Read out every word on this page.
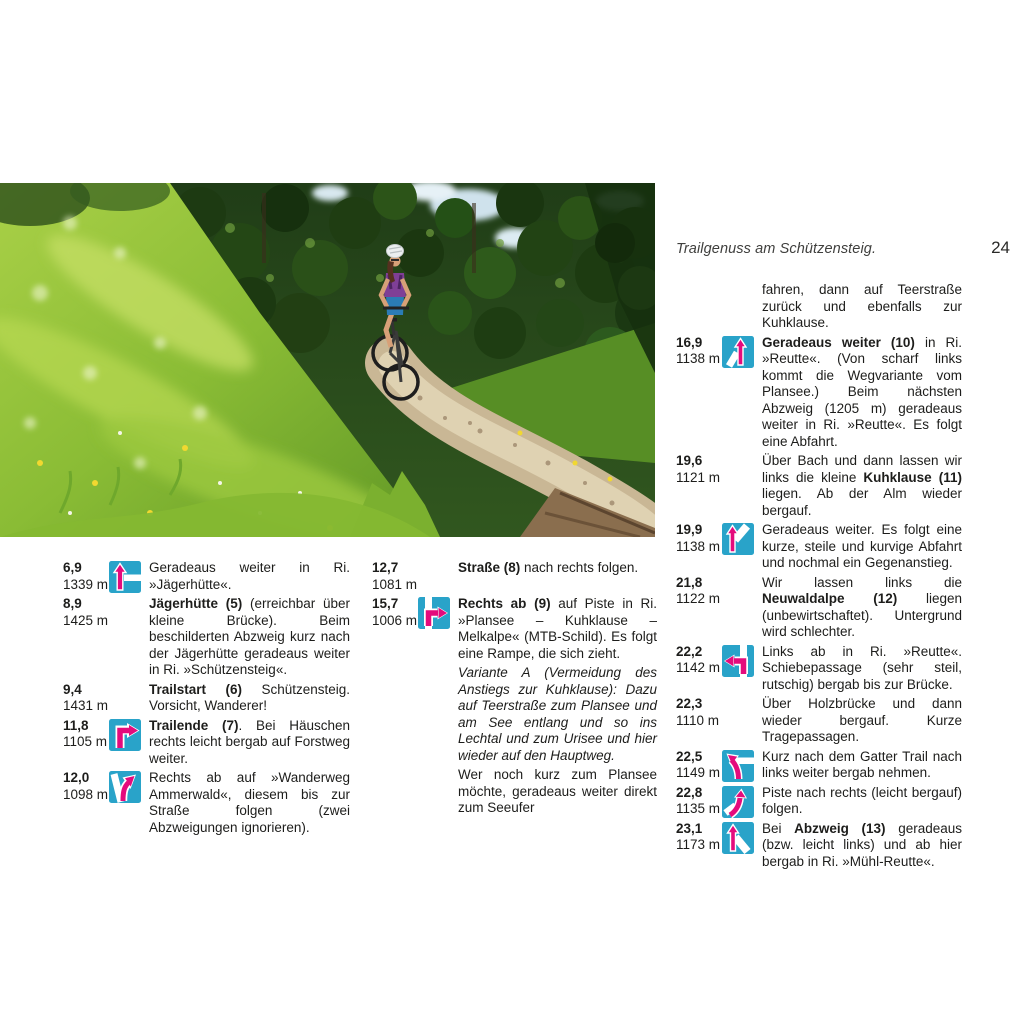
Trailgenuss am Schützensteig.	24
fahren, dann auf Teerstraße zurück und ebenfalls zur Kuhklause.
16,9
1138 m
Geradeaus weiter (10) in Ri. »Reutte«. (Von scharf links kommt die Wegvariante vom Plansee.) Beim nächsten Abzweig (1205 m) geradeaus weiter in Ri. »Reutte«. Es folgt eine Abfahrt.
19,6
1121 m
Über Bach und dann lassen wir links die kleine Kuhklause (11) liegen. Ab der Alm wieder bergauf.
19,9
1138 m
Geradeaus weiter. Es folgt eine kurze, steile und kurvige Abfahrt und nochmal ein Gegenanstieg.
21,8
1122 m
Wir lassen links die Neuwaldalpe (12) liegen (unbewirtschaftet). Untergrund wird schlechter.
22,2
1142 m
Links ab in Ri. »Reutte«. Schiebepassage (sehr steil, rutschig) bergab bis zur Brücke.
22,3
1110 m
Über Holzbrücke und dann wieder bergauf. Kurze Tragepassagen.
22,5
1149 m
Kurz nach dem Gatter Trail nach links weiter bergab nehmen.
22,8
1135 m
Piste nach rechts (leicht bergauf) folgen.
23,1
1173 m
Bei Abzweig (13) geradeaus (bzw. leicht links) und ab hier bergab in Ri. »Mühl-Reutte«.
6,9
1339 m
Geradeaus weiter in Ri. »Jägerhütte«.
8,9
1425 m
Jägerhütte (5) (erreichbar über kleine Brücke). Beim beschilderten Abzweig kurz nach der Jägerhütte geradeaus weiter in Ri. »Schützensteig«.
9,4
1431 m
Trailstart (6) Schützensteig. Vorsicht, Wanderer!
11,8
1105 m
Trailende (7). Bei Häuschen rechts leicht bergab auf Forstweg weiter.
12,0
1098 m
Rechts ab auf »Wanderweg Ammerwald«, diesem bis zur Straße folgen (zwei Abzweigungen ignorieren).
12,7
1081 m
Straße (8) nach rechts folgen.
15,7
1006 m
Rechts ab (9) auf Piste in Ri. »Plansee – Kuhklause – Melkalpe« (MTB-Schild). Es folgt eine Rampe, die sich zieht.
Variante A (Vermeidung des Anstiegs zur Kuhklause): Dazu auf Teerstraße zum Plansee und am See entlang und so ins Lechtal und zum Urisee und hier wieder auf den Hauptweg.
Wer noch kurz zum Plansee möchte, geradeaus weiter direkt zum Seeufer
